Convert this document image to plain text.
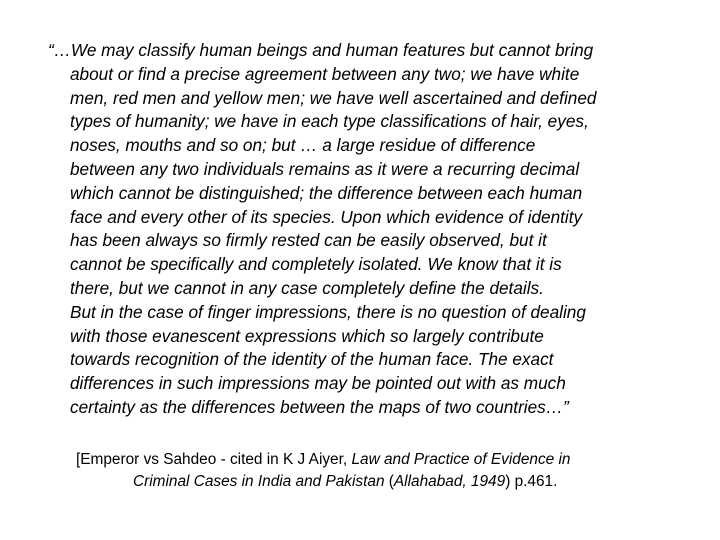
“…We may classify human beings and human features but cannot bring
about or find a precise agreement between any two; we have white
men, red men and yellow men; we have well ascertained and defined
types of humanity; we have in each type classifications of hair, eyes,
noses, mouths and so on; but … a large residue of difference
between any two individuals remains as it were a recurring decimal
which cannot be distinguished; the difference between each human
face and every other of its species. Upon which evidence of identity
has been always so firmly rested can be easily observed, but it
cannot be specifically and completely isolated. We know that it is
there, but we cannot in any case completely define the details.
But in the case of finger impressions, there is no question of dealing
with those evanescent expressions which so largely contribute
towards recognition of the identity of the human face. The exact
differences in such impressions may be pointed out with as much
certainty as the differences between the maps of two countries…”

[Emperor vs Sahdeo - cited in K J Aiyer, Law and Practice of Evidence in
Criminal Cases in India and Pakistan (Allahabad, 1949) p.461.
